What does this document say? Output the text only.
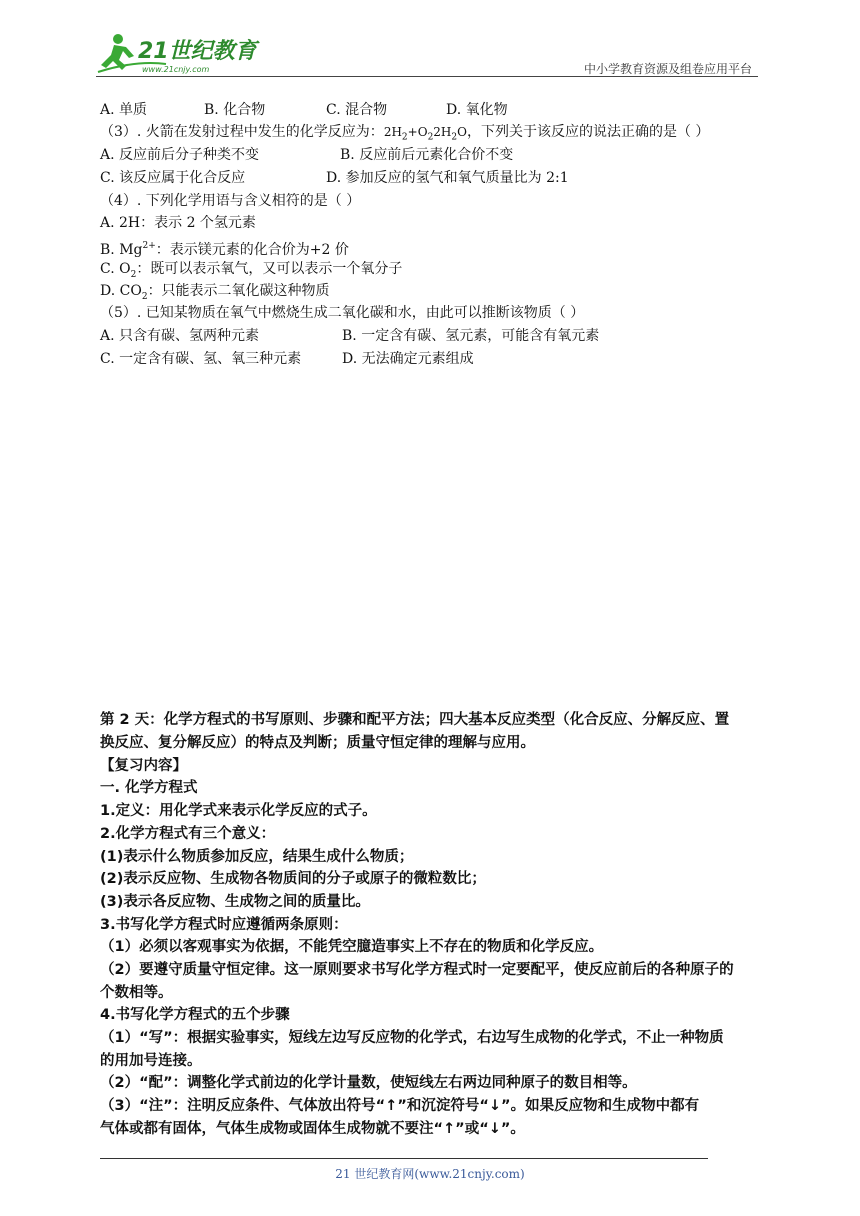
21世纪教育
www.21cnjy.com	中小学教育资源及组卷应用平台
A. 单质	B. 化合物	C. 混合物	D. 氧化物
（3）. 火箭在发射过程中发生的化学反应为：$2H_2+O_22H_2O$，下列关于该反应的说法正确的是（ ）
A. 反应前后分子种类不变	B. 反应前后元素化合价不变
C. 该反应属于化合反应	D. 参加反应的氢气和氧气质量比为 2:1
（4）. 下列化学用语与含义相符的是（ ）
A. 2H：表示 2 个氢元素
B. $Mg^{2+}$：表示镁元素的化合价为+2 价
C. $O_2$：既可以表示氧气，又可以表示一个氧分子
D. $CO_2$：只能表示二氧化碳这种物质
（5）. 已知某物质在氧气中燃烧生成二氧化碳和水，由此可以推断该物质（ ）
A. 只含有碳、氢两种元素	B. 一定含有碳、氢元素，可能含有氧元素
C. 一定含有碳、氢、氧三种元素	D. 无法确定元素组成
第 2 天：化学方程式的书写原则、步骤和配平方法；四大基本反应类型（化合反应、分解反应、置
换反应、复分解反应）的特点及判断；质量守恒定律的理解与应用。
【复习内容】
一. 化学方程式
1.定义：用化学式来表示化学反应的式子。
2.化学方程式有三个意义：
(1)表示什么物质参加反应，结果生成什么物质；
(2)表示反应物、生成物各物质间的分子或原子的微粒数比；
(3)表示各反应物、生成物之间的质量比。
3.书写化学方程式时应遵循两条原则：
（1）必须以客观事实为依据，不能凭空臆造事实上不存在的物质和化学反应。
（2）要遵守质量守恒定律。这一原则要求书写化学方程式时一定要配平，使反应前后的各种原子的
个数相等。
4.书写化学方程式的五个步骤
（1）“写”：根据实验事实，短线左边写反应物的化学式，右边写生成物的化学式，不止一种物质
的用加号连接。
（2）“配”：调整化学式前边的化学计量数，使短线左右两边同种原子的数目相等。
（3）“注”：注明反应条件、气体放出符号“↑”和沉淀符号“↓”。如果反应物和生成物中都有
气体或都有固体，气体生成物或固体生成物就不要注“↑”或“↓”。
21 世纪教育网(www.21cnjy.com)
